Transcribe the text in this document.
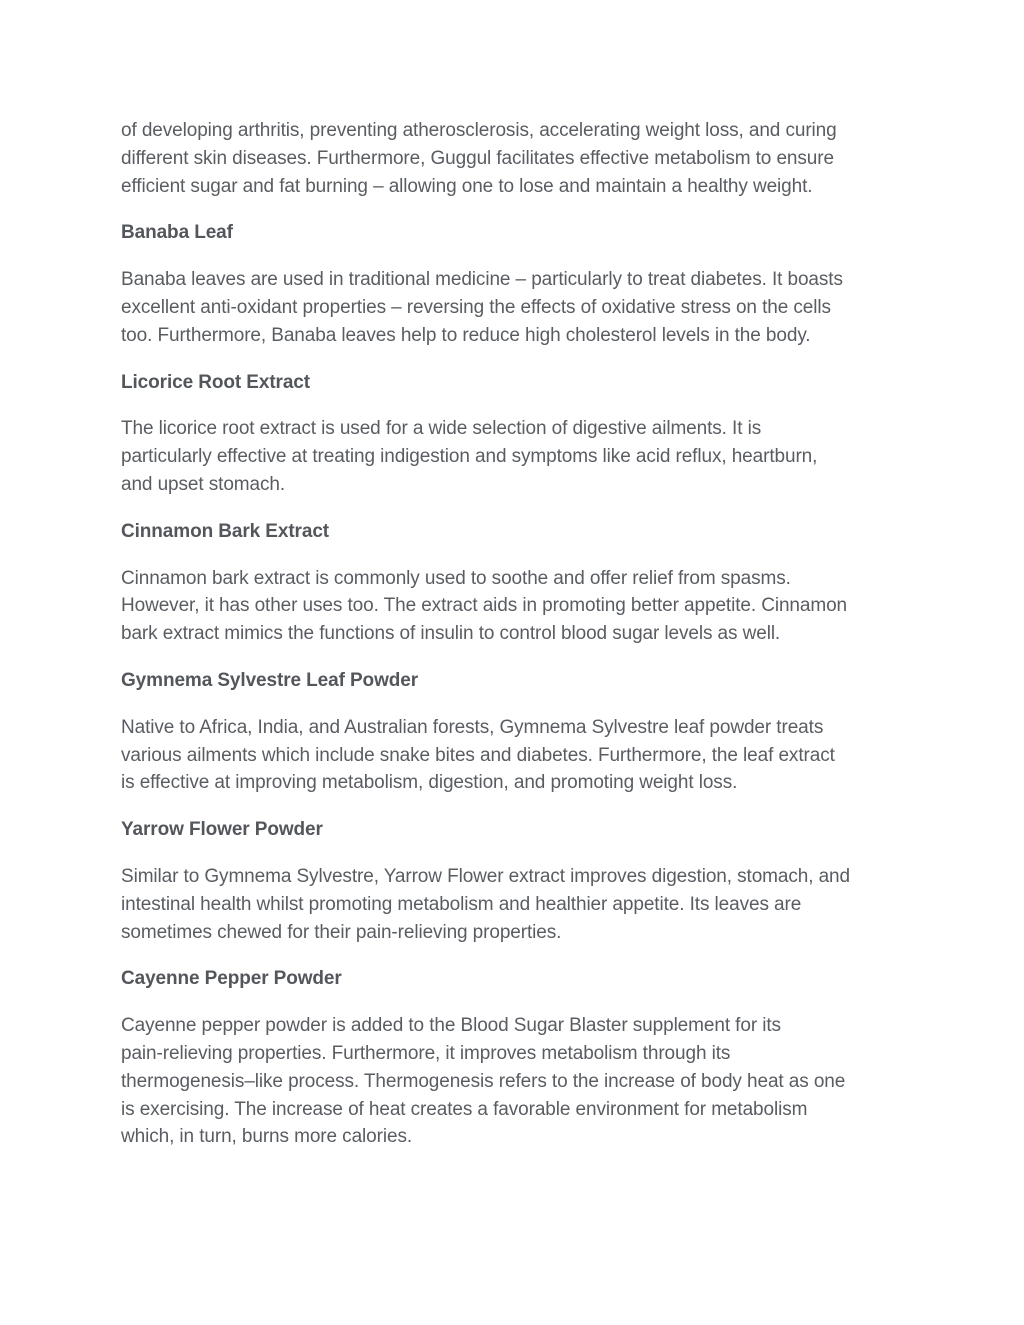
of developing arthritis, preventing atherosclerosis, accelerating weight loss, and curing
different skin diseases. Furthermore, Guggul facilitates effective metabolism to ensure
efficient sugar and fat burning – allowing one to lose and maintain a healthy weight.

Banaba Leaf

Banaba leaves are used in traditional medicine – particularly to treat diabetes. It boasts
excellent anti-oxidant properties – reversing the effects of oxidative stress on the cells
too. Furthermore, Banaba leaves help to reduce high cholesterol levels in the body.

Licorice Root Extract

The licorice root extract is used for a wide selection of digestive ailments. It is
particularly effective at treating indigestion and symptoms like acid reflux, heartburn,
and upset stomach.

Cinnamon Bark Extract

Cinnamon bark extract is commonly used to soothe and offer relief from spasms.
However, it has other uses too. The extract aids in promoting better appetite. Cinnamon
bark extract mimics the functions of insulin to control blood sugar levels as well.

Gymnema Sylvestre Leaf Powder

Native to Africa, India, and Australian forests, Gymnema Sylvestre leaf powder treats
various ailments which include snake bites and diabetes. Furthermore, the leaf extract
is effective at improving metabolism, digestion, and promoting weight loss.

Yarrow Flower Powder

Similar to Gymnema Sylvestre, Yarrow Flower extract improves digestion, stomach, and
intestinal health whilst promoting metabolism and healthier appetite. Its leaves are
sometimes chewed for their pain-relieving properties.

Cayenne Pepper Powder

Cayenne pepper powder is added to the Blood Sugar Blaster supplement for its
pain-relieving properties. Furthermore, it improves metabolism through its
thermogenesis–like process. Thermogenesis refers to the increase of body heat as one
is exercising. The increase of heat creates a favorable environment for metabolism
which, in turn, burns more calories.
